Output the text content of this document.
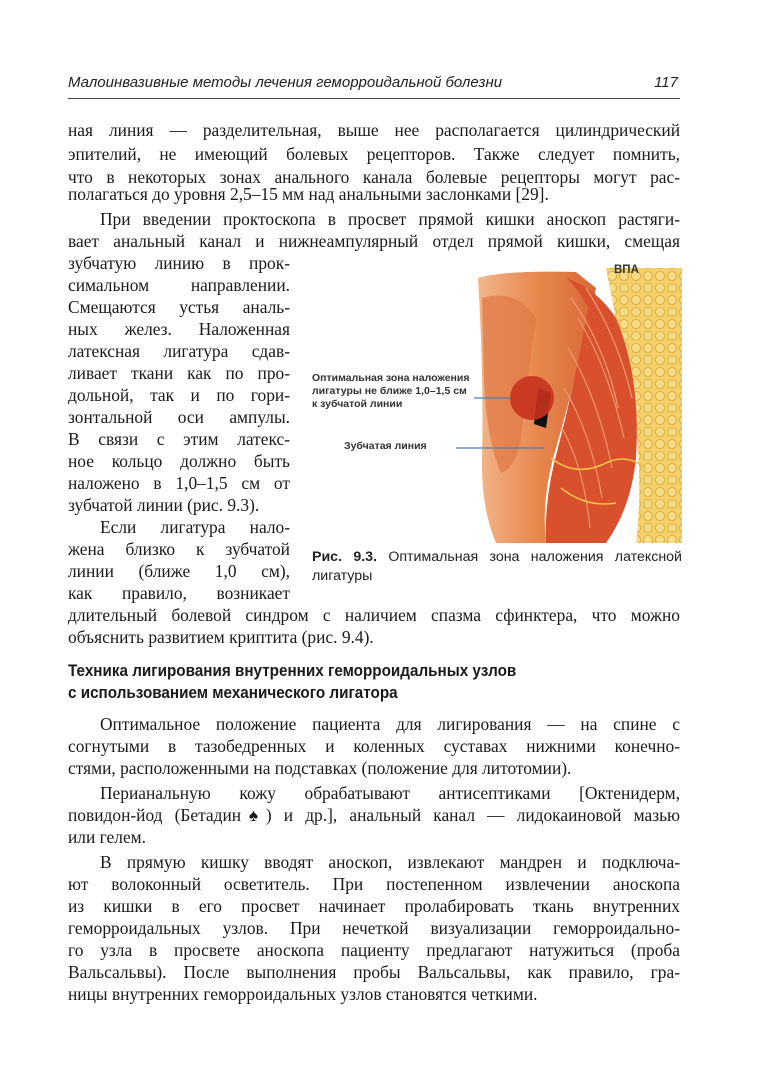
Малоинвазивные методы лечения геморроидальной болезни	117
ная линия — разделительная, выше нее располагается цилиндрический
эпителий, не имеющий болевых рецепторов. Также следует помнить,
что в некоторых зонах анального канала болевые рецепторы могут рас-
полагаться до уровня 2,5–15 мм над анальными заслонками [29].
При введении проктоскопа в просвет прямой кишки аноскоп растяги-
вает анальный канал и нижнеампулярный отдел прямой кишки, смещая
зубчатую линию в прок-
симальном направлении.
Смещаются устья аналь-
ных желез. Наложенная
латексная лигатура сдав-
ливает ткани как по про-
дольной, так и по гори-
зонтальной оси ампулы.
В связи с этим латекс-
ное кольцо должно быть
наложено в 1,0–1,5 см от
зубчатой линии (рис. 9.3).
Если лигатура нало-
жена близко к зубчатой
линии (ближе 1,0 см),
как правило, возникает
длительный болевой синдром с наличием спазма сфинктера, что можно
объяснить развитием криптита (рис. 9.4).
Техника лигирования внутренних геморроидальных узлов
с использованием механического лигатора
Оптимальное положение пациента для лигирования — на спине с
согнутыми в тазобедренных и коленных суставах нижними конечно-
стями, расположенными на подставках (положение для литотомии).
Перианальную кожу обрабатывают антисептиками [Октенидерм,
повидон-йод (Бетадин♠) и др.], анальный канал — лидокаиновой мазью
или гелем.
В прямую кишку вводят аноскоп, извлекают мандрен и подключа-
ют волоконный осветитель. При постепенном извлечении аноскопа
из кишки в его просвет начинает пролабировать ткань внутренних
геморроидальных узлов. При нечеткой визуализации геморроидально-
го узла в просвете аноскопа пациенту предлагают натужиться (проба
Вальсальвы). После выполнения пробы Вальсальвы, как правило, гра-
ницы внутренних геморроидальных узлов становятся четкими.
ВПА
Оптимальная зона наложения
лигатуры не ближе 1,0–1,5 см
к зубчатой линии
Зубчатая линия
Рис. 9.3. Оптимальная зона наложения латексной
лигатуры
